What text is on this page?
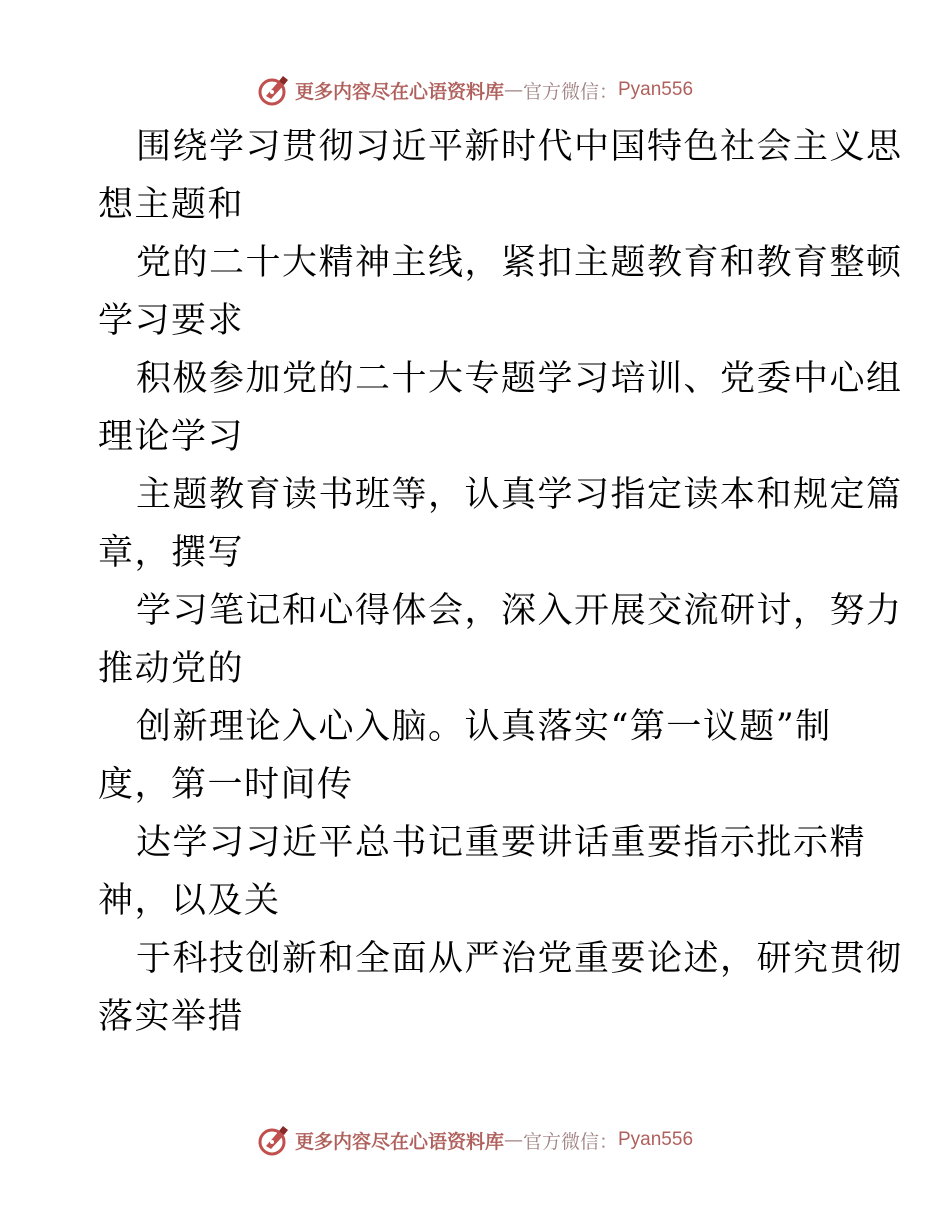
更多内容尽在心语资料库 — 官方微信： Pyan556
围绕学习贯彻习近平新时代中国特色社会主义思
想主题和
党的二十大精神主线，紧扣主题教育和教育整顿
学习要求
积极参加党的二十大专题学习培训、党委中心组
理论学习
主题教育读书班等，认真学习指定读本和规定篇
章，撰写
学习笔记和心得体会，深入开展交流研讨，努力
推动党的
创新理论入心入脑。认真落实“第一议题”制
度，第一时间传
达学习习近平总书记重要讲话重要指示批示精
神，以及关
于科技创新和全面从严治党重要论述，研究贯彻
落实举措
更多内容尽在心语资料库 — 官方微信： Pyan556
